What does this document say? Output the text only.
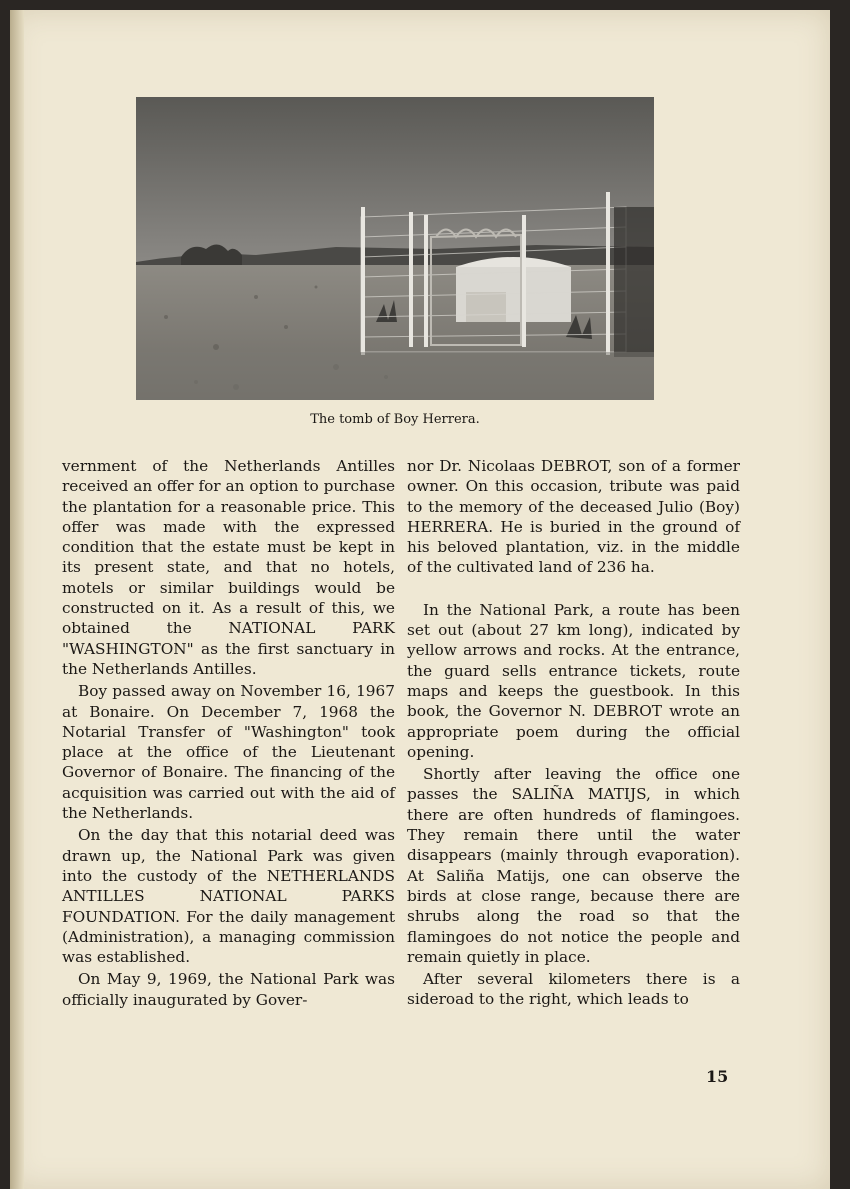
The tomb of Boy Herrera.

vernment of the Netherlands Antilles received an offer for an option to purchase the plantation for a reasonable price. This offer was made with the expressed condition that the estate must be kept in its present state, and that no hotels, motels or similar buildings would be constructed on it. As a result of this, we obtained the NATIONAL PARK "WASHINGTON" as the first sanctuary in the Netherlands Antilles.

Boy passed away on November 16, 1967 at Bonaire. On December 7, 1968 the Notarial Transfer of "Washington" took place at the office of the Lieutenant Governor of Bonaire. The financing of the acquisition was carried out with the aid of the Netherlands.

On the day that this notarial deed was drawn up, the National Park was given into the custody of the NETHERLANDS ANTILLES NATIONAL PARKS FOUNDATION. For the daily management (Administration), a managing commission was established.

On May 9, 1969, the National Park was officially inaugurated by Gover-

nor Dr. Nicolaas DEBROT, son of a former owner. On this occasion, tribute was paid to the memory of the deceased Julio (Boy) HERRERA. He is buried in the ground of his beloved plantation, viz. in the middle of the cultivated land of 236 ha.

In the National Park, a route has been set out (about 27 km long), indicated by yellow arrows and rocks. At the entrance, the guard sells entrance tickets, route maps and keeps the guestbook. In this book, the Governor N. DEBROT wrote an appropriate poem during the official opening.

Shortly after leaving the office one passes the SALIÑA MATIJS, in which there are often hundreds of flamingoes. They remain there until the water disappears (mainly through evaporation). At Saliña Matijs, one can observe the birds at close range, because there are shrubs along the road so that the flamingoes do not notice the people and remain quietly in place.

After several kilometers there is a sideroad to the right, which leads to

15
